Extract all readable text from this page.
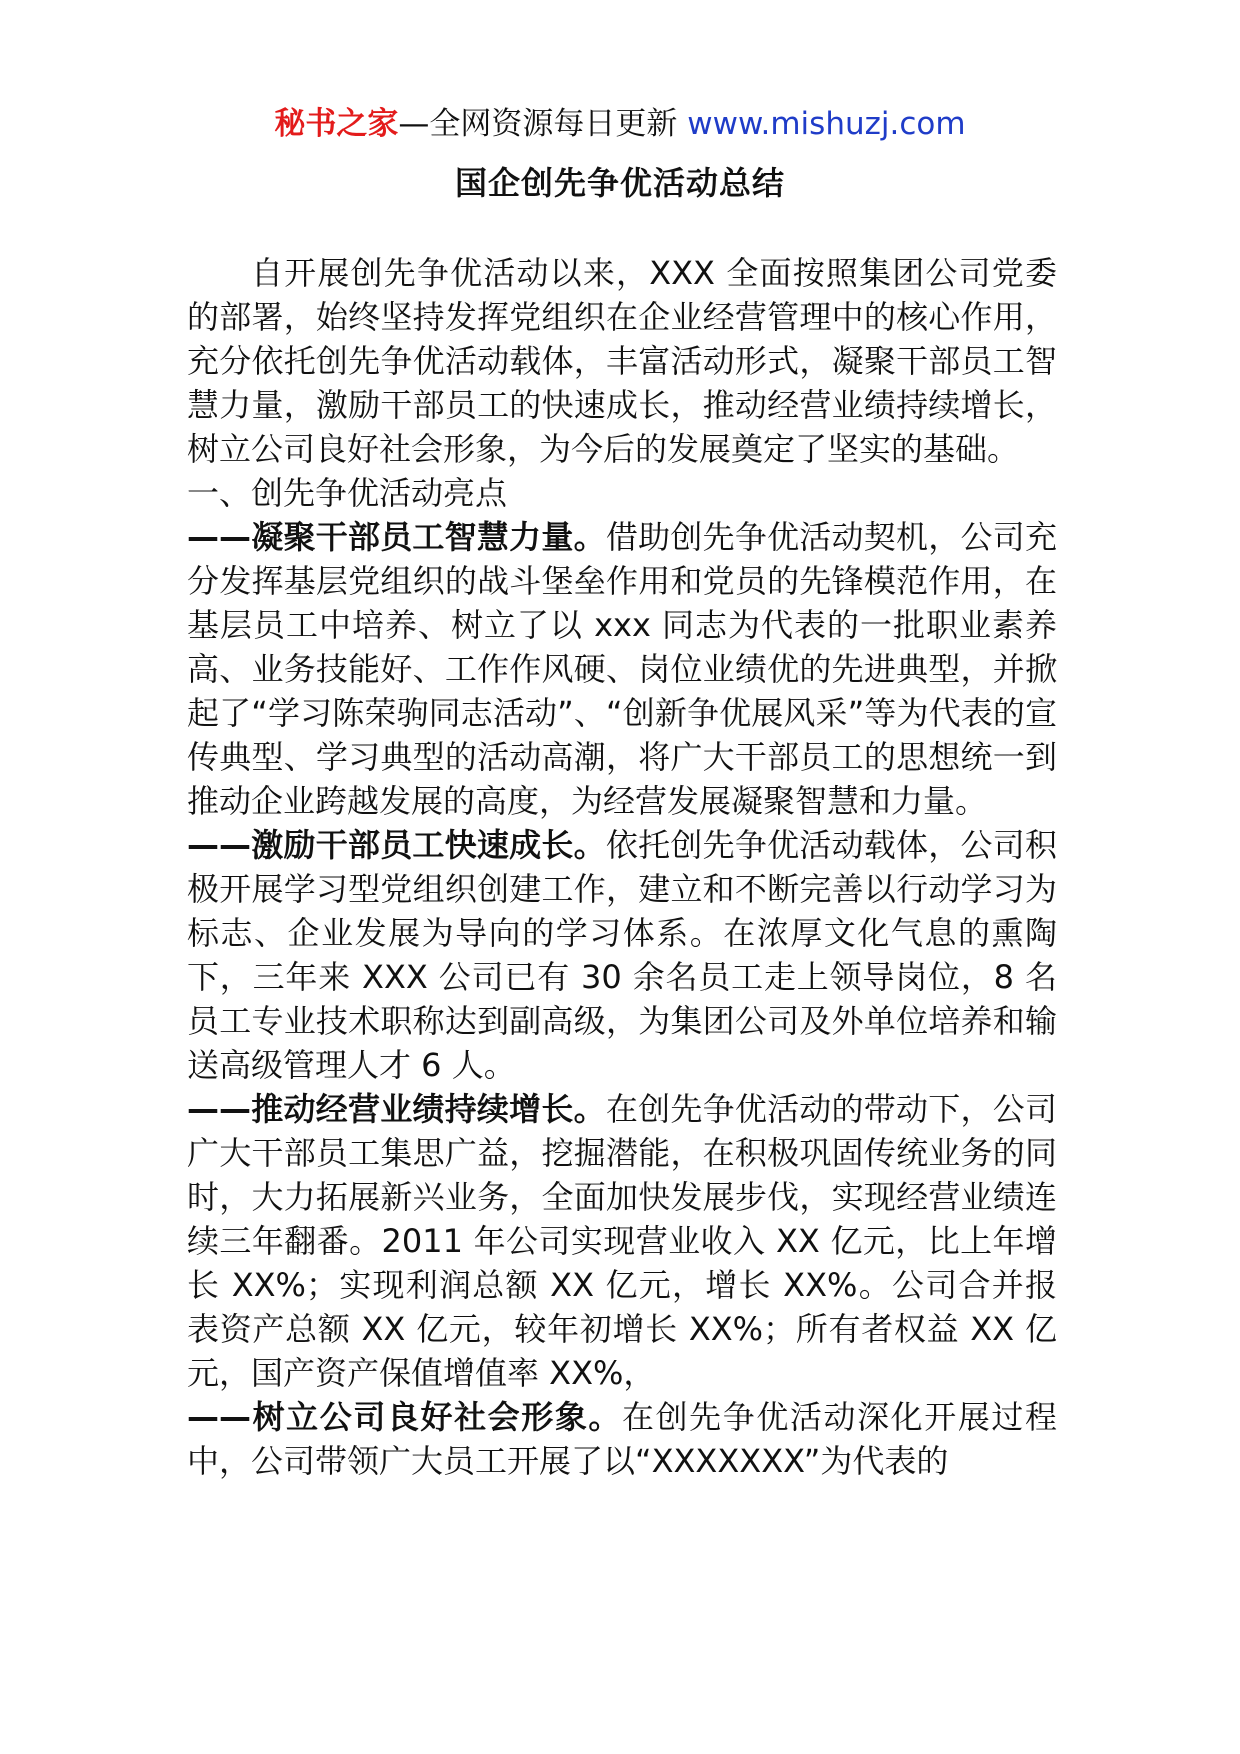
秘书之家—全网资源每日更新 www.mishuzj.com
国企创先争优活动总结

自开展创先争优活动以来，XXX 全面按照集团公司党委的部署，始终坚持发挥党组织在企业经营管理中的核心作用，充分依托创先争优活动载体，丰富活动形式，凝聚干部员工智慧力量，激励干部员工的快速成长，推动经营业绩持续增长，树立公司良好社会形象，为今后的发展奠定了坚实的基础。

一、创先争优活动亮点

——凝聚干部员工智慧力量。借助创先争优活动契机，公司充分发挥基层党组织的战斗堡垒作用和党员的先锋模范作用，在基层员工中培养、树立了以 xxx 同志为代表的一批职业素养高、业务技能好、工作作风硬、岗位业绩优的先进典型，并掀起了“学习陈荣驹同志活动”、“创新争优展风采”等为代表的宣传典型、学习典型的活动高潮，将广大干部员工的思想统一到推动企业跨越发展的高度，为经营发展凝聚智慧和力量。

——激励干部员工快速成长。依托创先争优活动载体，公司积极开展学习型党组织创建工作，建立和不断完善以行动学习为标志、企业发展为导向的学习体系。在浓厚文化气息的熏陶下，三年来 XXX 公司已有 30 余名员工走上领导岗位，8 名员工专业技术职称达到副高级，为集团公司及外单位培养和输送高级管理人才 6 人。

——推动经营业绩持续增长。在创先争优活动的带动下，公司广大干部员工集思广益，挖掘潜能，在积极巩固传统业务的同时，大力拓展新兴业务，全面加快发展步伐，实现经营业绩连续三年翻番。2011 年公司实现营业收入 XX 亿元，比上年增长 XX%；实现利润总额 XX 亿元，增长 XX%。公司合并报表资产总额 XX 亿元，较年初增长 XX%；所有者权益 XX 亿元，国产资产保值增值率 XX%，

——树立公司良好社会形象。在创先争优活动深化开展过程中，公司带领广大员工开展了以“XXXXXXX”为代表的
